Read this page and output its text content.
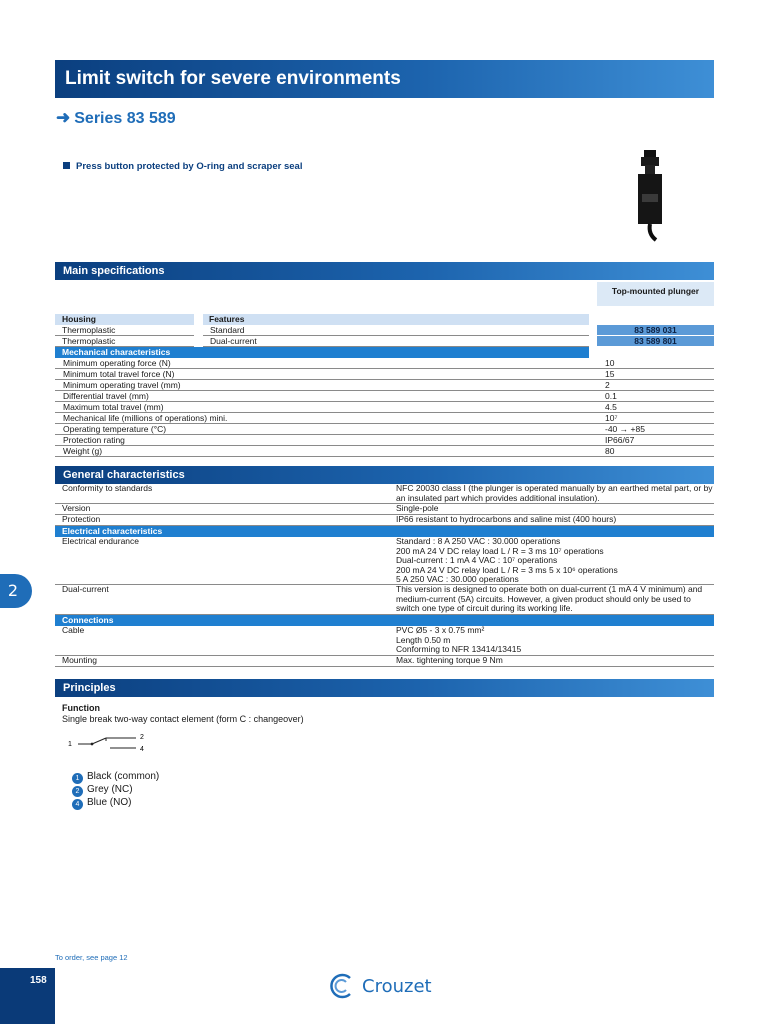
2
158
Limit switch for severe environments
➜ Series 83 589
Press button protected by O-ring and scraper seal
Main specifications
Top-mounted plunger
Housing	Features
Thermoplastic	Standard	83 589 031
Thermoplastic	Dual-current	83 589 801
Mechanical characteristics
Minimum operating force (N)	10
Minimum total travel force (N)	15
Minimum operating travel (mm)	2
Differential travel (mm)	0.1
Maximum total travel (mm)	4.5
Mechanical life (millions of operations) mini.	10⁷
Operating temperature (°C)	-40 → +85
Protection rating	IP66/67
Weight (g)	80
General characteristics
Conformity to standards	NFC 20030 class I (the plunger is operated manually by an earthed metal part, or by an insulated part which provides additional insulation).
Version	Single-pole
Protection	IP66 resistant to hydrocarbons and saline mist (400 hours)
Electrical characteristics
Electrical endurance	Standard : 8 A 250 VAC : 30.000 operations
200 mA 24 V DC relay load L / R = 3 ms 10⁷ operations
Dual-current : 1 mA 4 VAC : 10⁷ operations
200 mA 24 V DC relay load L / R = 3 ms 5 x 10⁶ operations
5 A 250 VAC : 30.000 operations
Dual-current	This version is designed to operate both on dual-current (1 mA 4 V minimum) and medium-current (5A) circuits. However, a given product should only be used to switch one type of circuit during its working life.
Connections
Cable	PVC Ø5 - 3 x 0.75 mm²
Length 0.50 m
Conforming to NFR 13414/13415
Mounting	Max. tightening torque 9 Nm
Principles
Function
Single break two-way contact element (form C : changeover)
1
2
4
1 Black (common)
2 Grey (NC)
4 Blue (NO)
To order, see page 12
Crouzet
